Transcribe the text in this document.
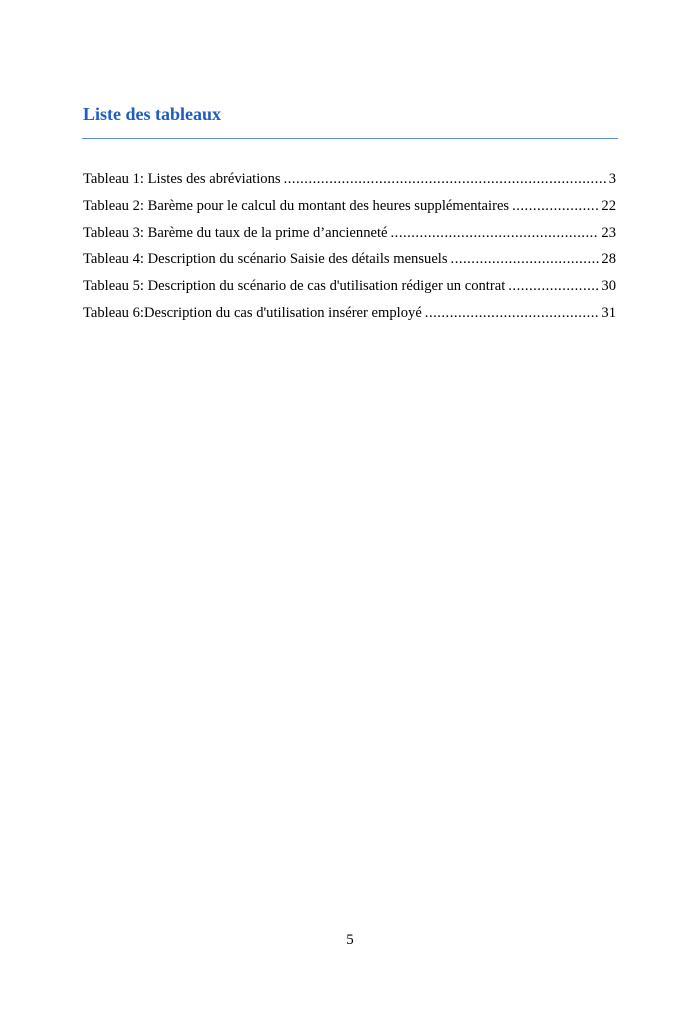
Liste des tableaux
Tableau 1: Listes des abréviations .....	3
Tableau 2: Barème pour le calcul du montant des heures supplémentaires .....	22
Tableau 3: Barème du taux de la prime d’ancienneté .....	23
Tableau 4: Description du scénario Saisie des détails mensuels .....	28
Tableau 5: Description du scénario de cas d'utilisation rédiger un contrat .....	30
Tableau 6:Description du cas d'utilisation insérer employé .....	31
5
